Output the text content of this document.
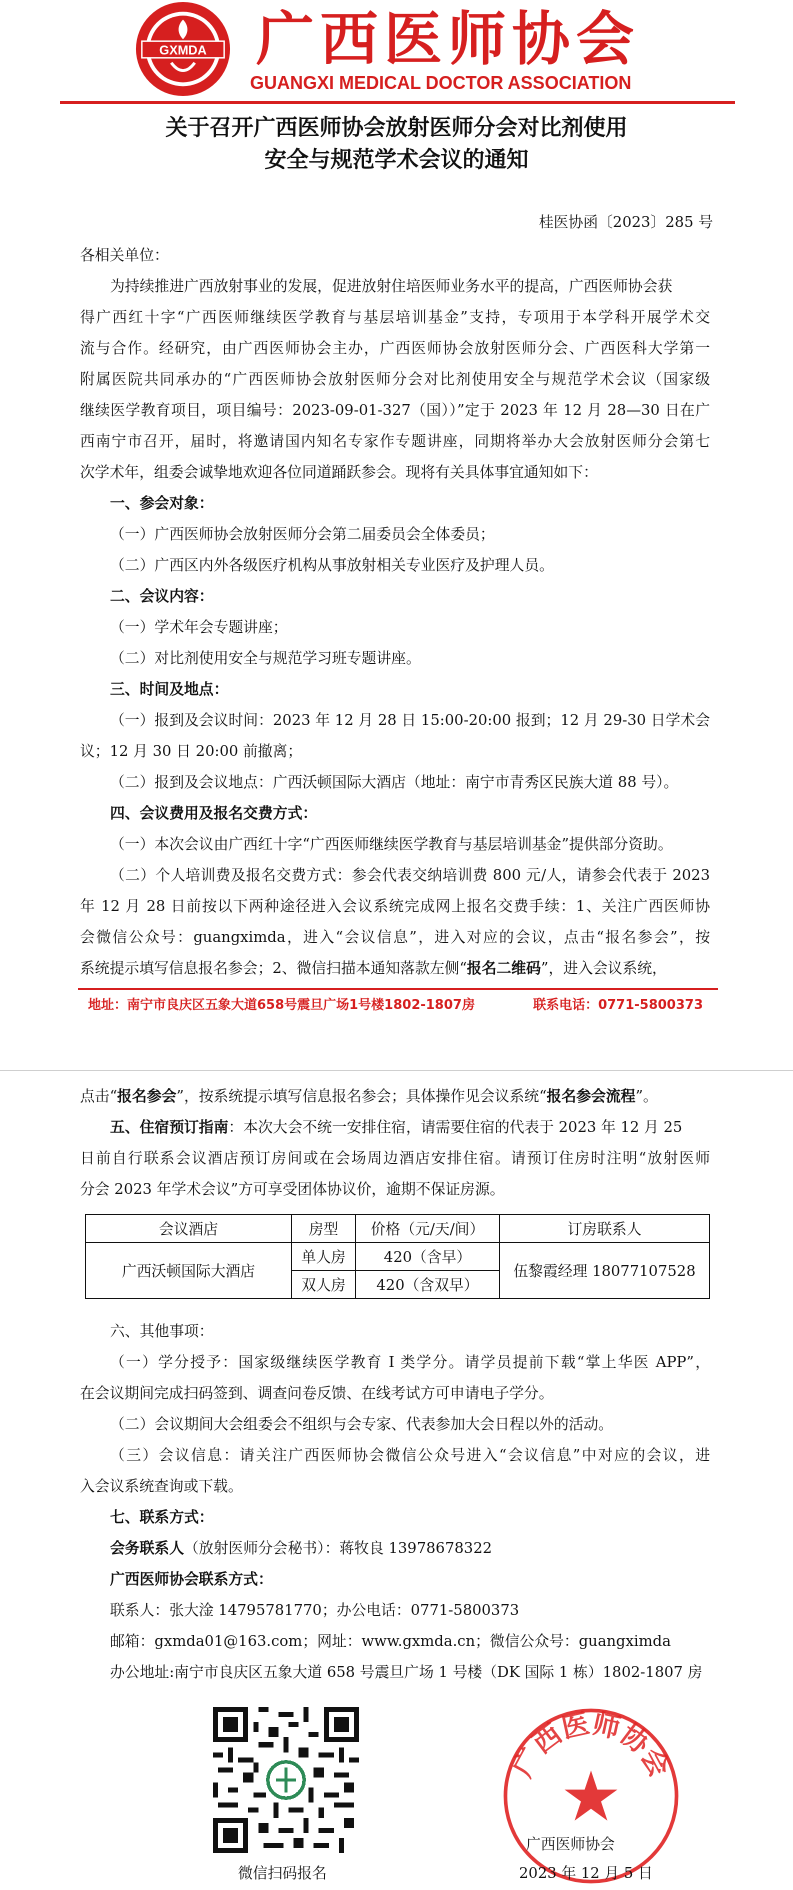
GXMDA 广西医师协会
GUANGXI MEDICAL DOCTOR ASSOCIATION
关于召开广西医师协会放射医师分会对比剂使用
安全与规范学术会议的通知
桂医协函〔2023〕285 号
各相关单位：
为持续推进广西放射事业的发展，促进放射住培医师业务水平的提高，广西医师协会获
得广西红十字“广西医师继续医学教育与基层培训基金”支持，专项用于本学科开展学术交
流与合作。经研究，由广西医师协会主办，广西医师协会放射医师分会、广西医科大学第一
附属医院共同承办的“广西医师协会放射医师分会对比剂使用安全与规范学术会议（国家级
继续医学教育项目，项目编号：2023-09-01-327（国））”定于 2023 年 12 月 28—30 日在广
西南宁市召开，届时，将邀请国内知名专家作专题讲座，同期将举办大会放射医师分会第七
次学术年，组委会诚挚地欢迎各位同道踊跃参会。现将有关具体事宜通知如下：
一、参会对象：
（一）广西医师协会放射医师分会第二届委员会全体委员；
（二）广西区内外各级医疗机构从事放射相关专业医疗及护理人员。
二、会议内容：
（一）学术年会专题讲座；
（二）对比剂使用安全与规范学习班专题讲座。
三、时间及地点：
（一）报到及会议时间：2023 年 12 月 28 日 15:00-20:00 报到；12 月 29-30 日学术会
议；12 月 30 日 20:00 前撤离；
（二）报到及会议地点：广西沃顿国际大酒店（地址：南宁市青秀区民族大道 88 号）。
四、会议费用及报名交费方式：
（一）本次会议由广西红十字“广西医师继续医学教育与基层培训基金”提供部分资助。
（二）个人培训费及报名交费方式：参会代表交纳培训费 800 元/人，请参会代表于 2023
年 12 月 28 日前按以下两种途径进入会议系统完成网上报名交费手续：1、关注广西医师协
会微信公众号：guangximda，进入“会议信息”，进入对应的会议，点击“报名参会”，按
系统提示填写信息报名参会；2、微信扫描本通知落款左侧“报名二维码”，进入会议系统，
地址：南宁市良庆区五象大道658号震旦广场1号楼1802-1807房	联系电话：0771-5800373
点击“报名参会”，按系统提示填写信息报名参会；具体操作见会议系统“报名参会流程”。
五、住宿预订指南：本次大会不统一安排住宿，请需要住宿的代表于 2023 年 12 月 25
日前自行联系会议酒店预订房间或在会场周边酒店安排住宿。请预订住房时注明“放射医师
分会 2023 年学术会议”方可享受团体协议价，逾期不保证房源。
会议酒店	房型	价格（元/天/间）	订房联系人
广西沃顿国际大酒店	单人房	420（含早）	伍黎霞经理 18077107528
	双人房	420（含双早）	
六、其他事项：
（一）学分授予：国家级继续医学教育 I 类学分。请学员提前下载“掌上华医 APP”，
在会议期间完成扫码签到、调查问卷反馈、在线考试方可申请电子学分。
（二）会议期间大会组委会不组织与会专家、代表参加大会日程以外的活动。
（三）会议信息：请关注广西医师协会微信公众号进入“会议信息”中对应的会议，进
入会议系统查询或下载。
七、联系方式：
会务联系人（放射医师分会秘书）：蒋牧良 13978678322
广西医师协会联系方式：
联系人：张大淦 14795781770；办公电话：0771-5800373
邮箱：gxmda01@163.com；网址：www.gxmda.cn；微信公众号：guangximda
办公地址:南宁市良庆区五象大道 658 号震旦广场 1 号楼（DK 国际 1 栋）1802-1807 房
微信扫码报名
广西医师协会
广西医师协会
2023 年 12 月 5 日
